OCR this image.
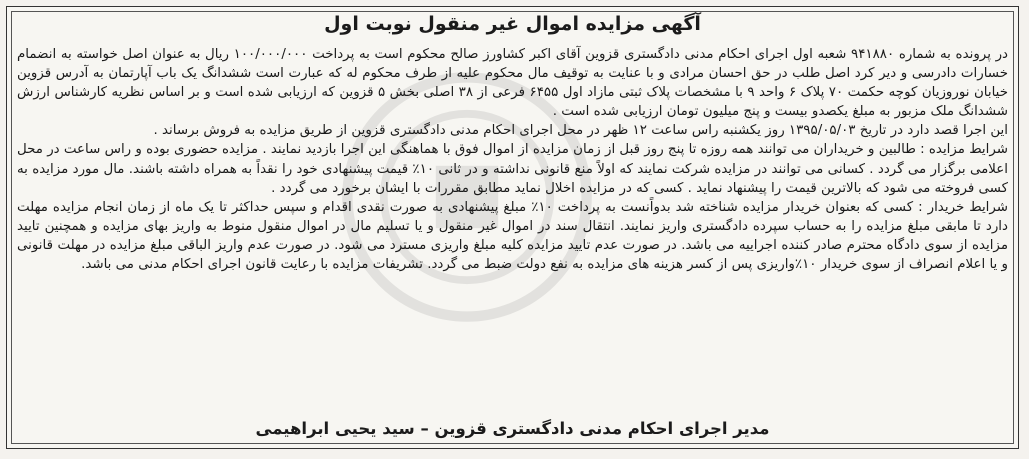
آگهی مزایده اموال غیر منقول نوبت اول

در پرونده به شماره ۹۴۱۸۸۰ شعبه اول اجرای احکام مدنی دادگستری قزوین آقای اکبر کشاورز صالح محکوم است به پرداخت ۱۰۰/۰۰۰/۰۰۰ ریال به عنوان اصل خواسته به انضمام خسارات دادرسی و دیر کرد اصل طلب در حق احسان مرادی و با عنایت به توقیف مال محکوم علیه از طرف محکوم له که عبارت است ششدانگ یک باب آپارتمان به آدرس قزوین خیابان نوروزیان کوچه حکمت ۷۰ پلاک ۶ واحد ۹ با مشخصات پلاک ثبتی مازاد اول ۶۴۵۵ فرعی از ۳۸ اصلی بخش ۵ قزوین که ارزیابی شده است و بر اساس نظریه کارشناس ارزش ششدانگ ملک مزبور به مبلغ یکصدو بیست و پنج میلیون تومان ارزیابی شده است .

این اجرا قصد دارد در تاریخ ۱۳۹۵/۰۵/۰۳ روز یکشنبه راس ساعت ۱۲ ظهر در محل اجرای احکام مدنی دادگستری قزوین از طریق مزایده به فروش برساند .

شرایط مزایده : طالبین و خریداران می توانند همه روزه تا پنج روز قبل از زمان مزایده از اموال فوق با هماهنگی این اجرا بازدید نمایند . مزایده حضوری بوده و راس ساعت در محل اعلامی برگزار می گردد . کسانی می توانند در مزایده شرکت نمایند که اولاً منع قانونی نداشته و در ثانی ۱۰٪ قیمت پیشنهادی خود را نقداً به همراه داشته باشند. مال مورد مزایده به کسی فروخته می شود که بالاترین قیمت را پیشنهاد نماید . کسی که در مزایده اخلال نماید مطابق مقررات با ایشان برخورد می گردد .

شرایط خریدار : کسی که بعنوان خریدار مزایده شناخته شد بدواًنست به پرداخت ۱۰٪ مبلغ پیشنهادی به صورت نقدی اقدام و سپس حداکثر تا یک ماه از زمان انجام مزایده مهلت دارد تا مابقی مبلغ مزایده را به حساب سپرده دادگستری واریز نمایند. انتقال سند در اموال غیر منقول و یا تسلیم مال در اموال منقول منوط به واریز بهای مزایده و همچنین تایید مزایده از سوی دادگاه محترم صادر کننده اجراییه می باشد. در صورت عدم تایید مزایده کلیه مبلغ واریزی مسترد می شود. در صورت عدم واریز الباقی مبلغ مزایده در مهلت قانونی و یا اعلام انصراف از سوی خریدار ۱۰٪واریزی پس از کسر هزینه های مزایده به نفع دولت ضبط می گردد. تشریفات مزایده با رعایت قانون اجرای احکام مدنی می باشد.

مدیر اجرای احکام مدنی دادگستری قزوین – سید یحیی ابراهیمی
